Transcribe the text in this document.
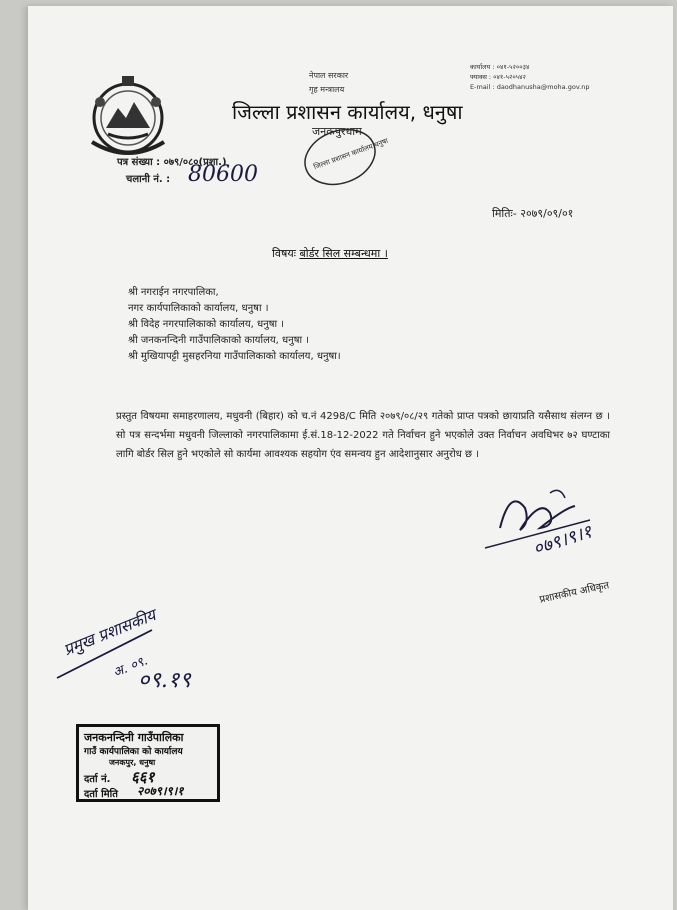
नेपाल सरकार
गृह मन्त्रालय
जिल्ला प्रशासन कार्यालय, धनुषा
जनकपुरधाम
कार्यालय : ०४१-५२००३४
फ्याक्स : ०४१-५२०५४२
E-mail : daodhanusha@moha.gov.np
जिल्ला प्रशासन कार्यालय धनुषा
पत्र संख्या : ०७९/०८०(प्रशा.)
चलानी नं. : 80600
मितिः- २०७९/०९/०१
विषयः बोर्डर सिल सम्बन्धमा ।
श्री नगराईन नगरपालिका,
नगर कार्यपालिकाको कार्यालय, धनुषा ।
श्री विदेह नगरपालिकाको कार्यालय, धनुषा ।
श्री जनकनन्दिनी गाउँपालिकाको कार्यालय, धनुषा ।
श्री मुखियापट्टी मुसहरनिया गाउँपालिकाको कार्यालय, धनुषा।
प्रस्तुत विषयमा समाहरणालय, मधुवनी (बिहार) को च.नं 4298/C मिति २०७९/०८/२९ गतेको प्राप्त पत्रको छायाप्रति यसैसाथ संलग्न छ । सो पत्र सन्दर्भमा मधुवनी जिल्लाको नगरपालिकामा ई.सं.18-12-2022 गते निर्वाचन हुने भएकोले उक्त निर्वाचन अवधिभर ७२ घण्टाका लागि बोर्डर सिल हुने भएकोले सो कार्यमा आवश्यक सहयोग एंव समन्वय हुन आदेशानुसार अनुरोध छ ।
०७९।९।१
प्रशासकीय अधिकृत
प्रमुख प्रशासकीय
अ. ०९.
०९.१९
जनकनन्दिनी गाउँपालिका
गाउँ कार्यपालिका को कार्यालय
जनकपुर, धनुषा
दर्ता नं. ६६१
दर्ता मिति २०७९।९।१
